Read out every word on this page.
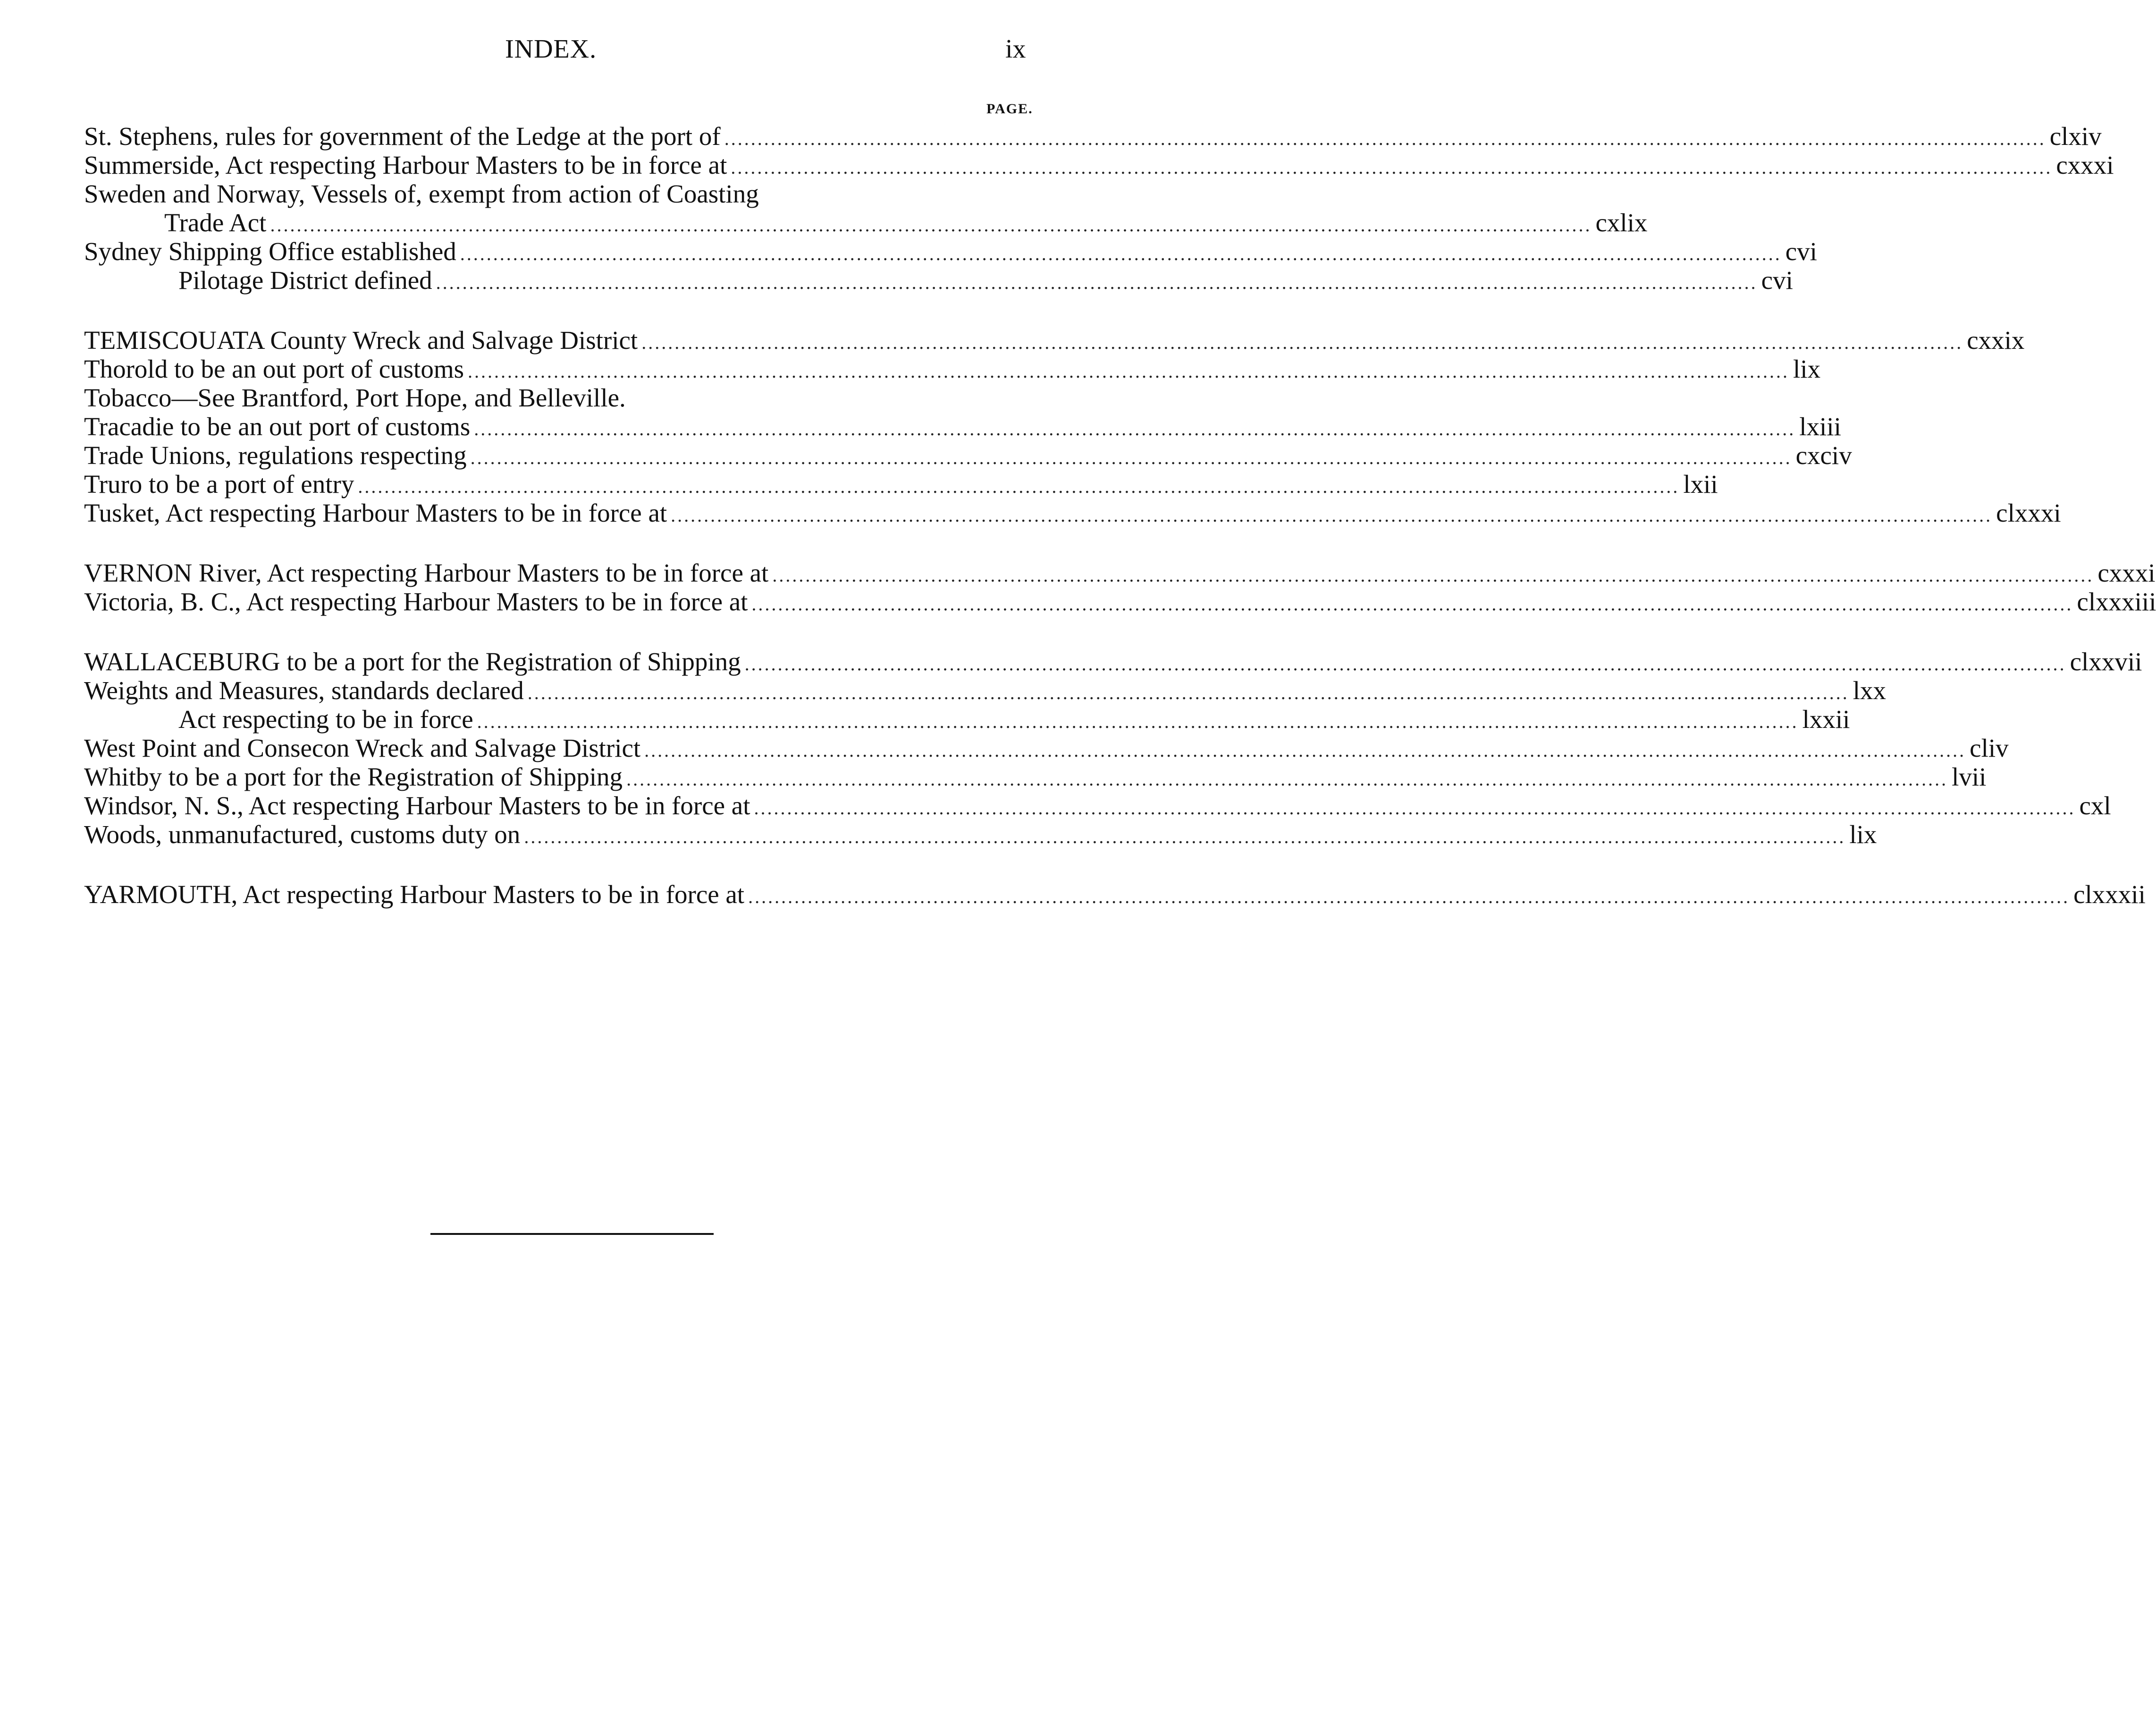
INDEX.	ix
PAGE.
St. Stephens, rules for government of the Ledge at the port of ........................................................................................................................................................................................................ clxiv
Summerside, Act respecting Harbour Masters to be in force at ........................................................................................................................................................................................................ cxxxi
Sweden and Norway, Vessels of, exempt from action of Coasting
Trade Act ........................................................................................................................................................................................................ cxlix
Sydney Shipping Office established ........................................................................................................................................................................................................ cvi
Pilotage District defined ........................................................................................................................................................................................................ cvi
TEMISCOUATA County Wreck and Salvage District ........................................................................................................................................................................................................ cxxix
Thorold to be an out port of customs ........................................................................................................................................................................................................ lix
Tobacco—See Brantford, Port Hope, and Belleville.
Tracadie to be an out port of customs ........................................................................................................................................................................................................ lxiii
Trade Unions, regulations respecting ........................................................................................................................................................................................................ cxciv
Truro to be a port of entry ........................................................................................................................................................................................................ lxii
Tusket, Act respecting Harbour Masters to be in force at ........................................................................................................................................................................................................ clxxxi
VERNON River, Act respecting Harbour Masters to be in force at ........................................................................................................................................................................................................ cxxxi
Victoria, B. C., Act respecting Harbour Masters to be in force at ........................................................................................................................................................................................................ clxxxiii
WALLACEBURG to be a port for the Registration of Shipping ........................................................................................................................................................................................................ clxxvii
Weights and Measures, standards declared ........................................................................................................................................................................................................ lxx
Act respecting to be in force ........................................................................................................................................................................................................ lxxii
West Point and Consecon Wreck and Salvage District ........................................................................................................................................................................................................ cliv
Whitby to be a port for the Registration of Shipping ........................................................................................................................................................................................................ lvii
Windsor, N. S., Act respecting Harbour Masters to be in force at ........................................................................................................................................................................................................ cxl
Woods, unmanufactured, customs duty on ........................................................................................................................................................................................................ lix
YARMOUTH, Act respecting Harbour Masters to be in force at ........................................................................................................................................................................................................ clxxxii
